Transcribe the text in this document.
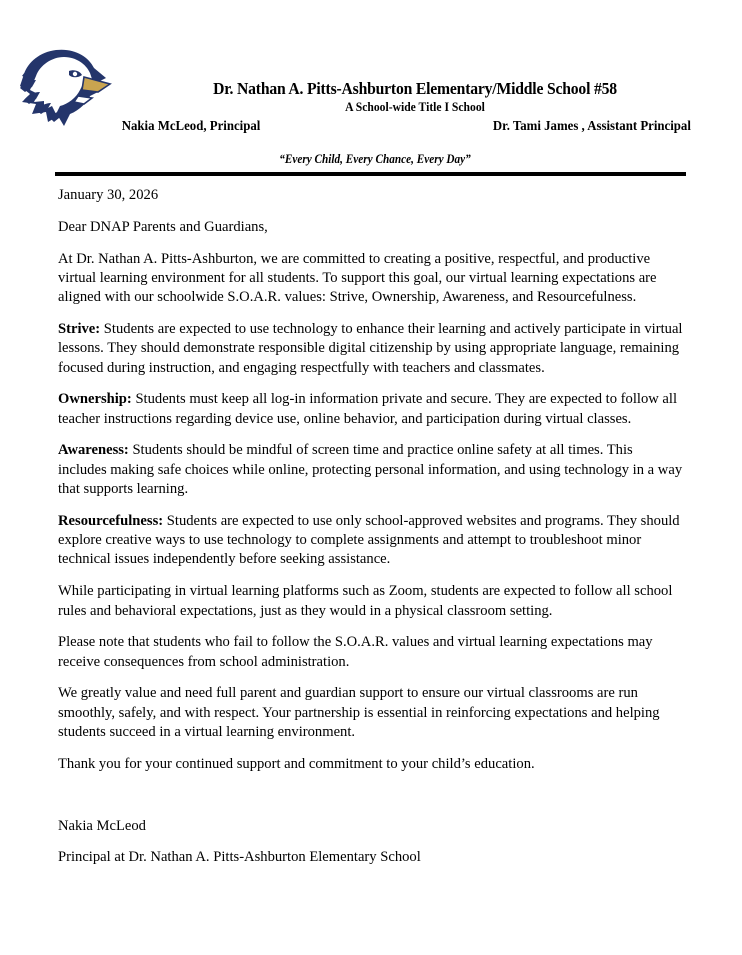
Dr. Nathan A. Pitts-Ashburton Elementary/Middle School #58
A School-wide Title I School
Nakia McLeod, Principal	Dr. Tami James , Assistant Principal
“Every Child, Every Chance, Every Day”

January 30, 2026

Dear DNAP Parents and Guardians,

At Dr. Nathan A. Pitts-Ashburton, we are committed to creating a positive, respectful, and productive virtual learning environment for all students. To support this goal, our virtual learning expectations are aligned with our schoolwide S.O.A.R. values: Strive, Ownership, Awareness, and Resourcefulness.

Strive: Students are expected to use technology to enhance their learning and actively participate in virtual lessons. They should demonstrate responsible digital citizenship by using appropriate language, remaining focused during instruction, and engaging respectfully with teachers and classmates.

Ownership: Students must keep all log-in information private and secure. They are expected to follow all teacher instructions regarding device use, online behavior, and participation during virtual classes.

Awareness: Students should be mindful of screen time and practice online safety at all times. This includes making safe choices while online, protecting personal information, and using technology in a way that supports learning.

Resourcefulness: Students are expected to use only school-approved websites and programs. They should explore creative ways to use technology to complete assignments and attempt to troubleshoot minor technical issues independently before seeking assistance.

While participating in virtual learning platforms such as Zoom, students are expected to follow all school rules and behavioral expectations, just as they would in a physical classroom setting.

Please note that students who fail to follow the S.O.A.R. values and virtual learning expectations may receive consequences from school administration.

We greatly value and need full parent and guardian support to ensure our virtual classrooms are run smoothly, safely, and with respect. Your partnership is essential in reinforcing expectations and helping students succeed in a virtual learning environment.

Thank you for your continued support and commitment to your child’s education.

Nakia McLeod

Principal at Dr. Nathan A. Pitts-Ashburton Elementary School
